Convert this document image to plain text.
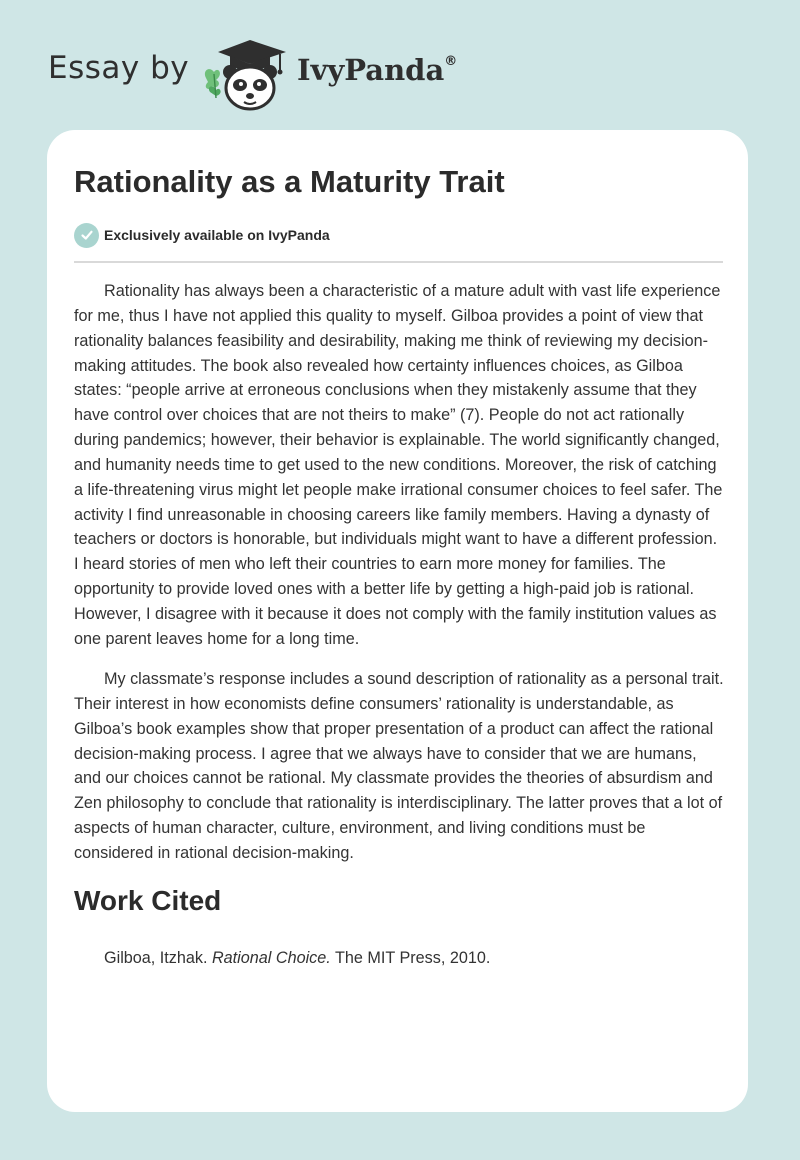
Essay by	IvyPanda®
Rationality as a Maturity Trait
Exclusively available on IvyPanda

Rationality has always been a characteristic of a mature adult with vast life experience for me, thus I have not applied this quality to myself. Gilboa provides a point of view that rationality balances feasibility and desirability, making me think of reviewing my decision-making attitudes. The book also revealed how certainty influences choices, as Gilboa states: “people arrive at erroneous conclusions when they mistakenly assume that they have control over choices that are not theirs to make” (7). People do not act rationally during pandemics; however, their behavior is explainable. The world significantly changed, and humanity needs time to get used to the new conditions. Moreover, the risk of catching a life-threatening virus might let people make irrational consumer choices to feel safer. The activity I find unreasonable in choosing careers like family members. Having a dynasty of teachers or doctors is honorable, but individuals might want to have a different profession. I heard stories of men who left their countries to earn more money for families. The opportunity to provide loved ones with a better life by getting a high-paid job is rational. However, I disagree with it because it does not comply with the family institution values as one parent leaves home for a long time.

My classmate’s response includes a sound description of rationality as a personal trait. Their interest in how economists define consumers’ rationality is understandable, as Gilboa’s book examples show that proper presentation of a product can affect the rational decision-making process. I agree that we always have to consider that we are humans, and our choices cannot be rational. My classmate provides the theories of absurdism and Zen philosophy to conclude that rationality is interdisciplinary. The latter proves that a lot of aspects of human character, culture, environment, and living conditions must be considered in rational decision-making.

Work Cited

Gilboa, Itzhak. Rational Choice. The MIT Press, 2010.
